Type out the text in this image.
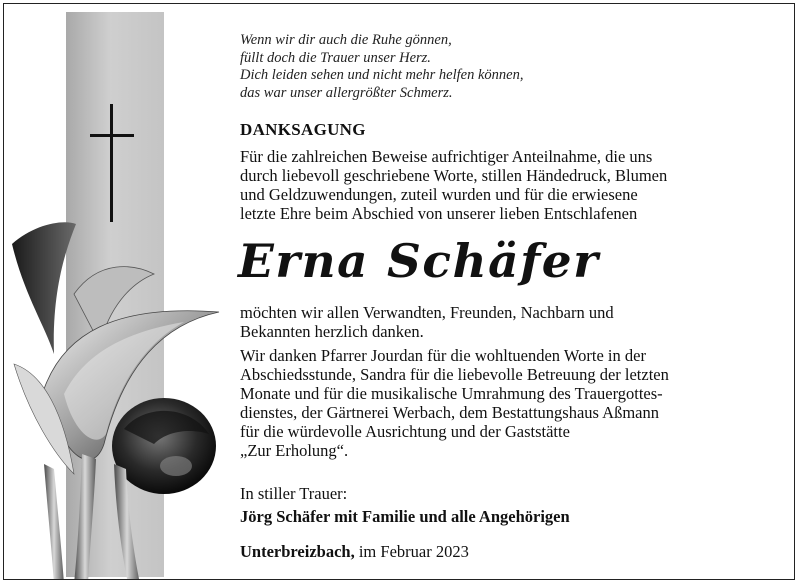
Wenn wir dir auch die Ruhe gönnen,
füllt doch die Trauer unser Herz.
Dich leiden sehen und nicht mehr helfen können,
das war unser allergrößter Schmerz.
DANKSAGUNG
Für die zahlreichen Beweise aufrichtiger Anteilnahme, die uns
durch liebevoll geschriebene Worte, stillen Händedruck, Blumen
und Geldzuwendungen, zuteil wurden und für die erwiesene
letzte Ehre beim Abschied von unserer lieben Entschlafenen
Erna Schäfer
möchten wir allen Verwandten, Freunden, Nachbarn und
Bekannten herzlich danken.
Wir danken Pfarrer Jourdan für die wohltuenden Worte in der
Abschiedsstunde, Sandra für die liebevolle Betreuung der letzten
Monate und für die musikalische Umrahmung des Trauergottes-
dienstes, der Gärtnerei Werbach, dem Bestattungshaus Aßmann
für die würdevolle Ausrichtung und der Gaststätte
„Zur Erholung“.
In stiller Trauer:
Jörg Schäfer mit Familie und alle Angehörigen
Unterbreizbach, im Februar 2023
